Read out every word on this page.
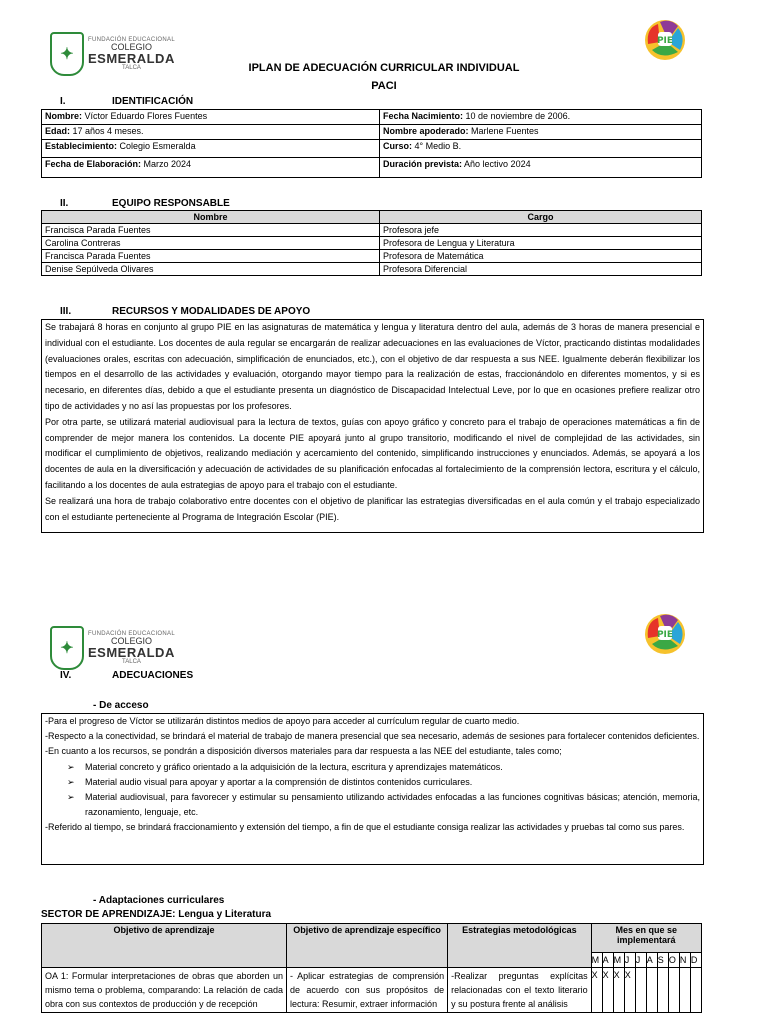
✦
FUNDACIÓN EDUCACIONAL
COLEGIO
ESMERALDA
TALCA
PIE
IPLAN DE ADECUACIÓN CURRICULAR INDIVIDUAL
PACI
I.	IDENTIFICACIÓN
Nombre: Víctor Eduardo Flores Fuentes	Fecha Nacimiento: 10 de noviembre de 2006.
Edad: 17 años 4 meses.	Nombre apoderado: Marlene Fuentes
Establecimiento: Colegio Esmeralda	Curso: 4° Medio B.
Fecha de Elaboración: Marzo 2024	Duración prevista: Año lectivo 2024
II.	EQUIPO RESPONSABLE
Nombre	Cargo
Francisca Parada Fuentes	Profesora jefe
Carolina Contreras	Profesora de Lengua y Literatura
Francisca Parada Fuentes	Profesora de Matemática
Denise Sepúlveda Olivares	Profesora Diferencial
III.	RECURSOS Y MODALIDADES DE APOYO

Se trabajará 8 horas en conjunto al grupo PIE en las asignaturas de matemática y lengua y literatura dentro del aula, además de 3 horas de manera presencial e individual con el estudiante. Los docentes de aula regular se encargarán de realizar adecuaciones en las evaluaciones de Víctor, practicando distintas modalidades (evaluaciones orales, escritas con adecuación, simplificación de enunciados, etc.), con el objetivo de dar respuesta a sus NEE. Igualmente deberán flexibilizar los tiempos en el desarrollo de las actividades y evaluación, otorgando mayor tiempo para la realización de estas, fraccionándolo en diferentes momentos, y si es necesario, en diferentes días, debido a que el estudiante presenta un diagnóstico de Discapacidad Intelectual Leve, por lo que en ocasiones prefiere realizar otro tipo de actividades y no así las propuestas por los profesores.

Por otra parte, se utilizará material audiovisual para la lectura de textos, guías con apoyo gráfico y concreto para el trabajo de operaciones matemáticas a fin de comprender de mejor manera los contenidos. La docente PIE apoyará junto al grupo transitorio, modificando el nivel de complejidad de las actividades, sin modificar el cumplimiento de objetivos, realizando mediación y acercamiento del contenido, simplificando instrucciones y enunciados. Además, se apoyará a los docentes de aula en la diversificación y adecuación de actividades de su planificación enfocadas al fortalecimiento de la comprensión lectora, escritura y el cálculo, facilitando a los docentes de aula estrategias de apoyo para el trabajo con el estudiante.

Se realizará una hora de trabajo colaborativo entre docentes con el objetivo de planificar las estrategias diversificadas en el aula común y el trabajo especializado con el estudiante perteneciente al Programa de Integración Escolar (PIE).

✦
FUNDACIÓN EDUCACIONAL
COLEGIO
ESMERALDA
TALCA
PIE
IV.	ADECUACIONES
- De acceso

-Para el progreso de Víctor se utilizarán distintos medios de apoyo para acceder al currículum regular de cuarto medio.

-Respecto a la conectividad, se brindará el material de trabajo de manera presencial que sea necesario, además de sesiones para fortalecer contenidos deficientes.

-En cuanto a los recursos, se pondrán a disposición diversos materiales para dar respuesta a las NEE del estudiante, tales como;

➢ Material concreto y gráfico orientado a la adquisición de la lectura, escritura y aprendizajes matemáticos.
➢ Material audio visual para apoyar y aportar a la comprensión de distintos contenidos curriculares.
➢ Material audiovisual, para favorecer y estimular su pensamiento utilizando actividades enfocadas a las funciones cognitivas básicas; atención, memoria, razonamiento, lenguaje, etc.

-Referido al tiempo, se brindará fraccionamiento y extensión del tiempo, a fin de que el estudiante consiga realizar las actividades y pruebas tal como sus pares.

- Adaptaciones curriculares
SECTOR DE APRENDIZAJE: Lengua y Literatura
Objetivo de aprendizaje	Objetivo de aprendizaje específico	Estrategias metodológicas	Mes en que se implementará									
			M	A	M	J	J	A	S	O	N	D
OA 1: Formular interpretaciones de obras que aborden un mismo tema o problema, comparando: La relación de cada obra con sus contextos de producción y de recepción	- Aplicar estrategias de comprensión de acuerdo con sus propósitos de lectura: Resumir, extraer información	-Realizar preguntas explícitas relacionadas con el texto literario y su postura frente al análisis	X	X	X	X						
